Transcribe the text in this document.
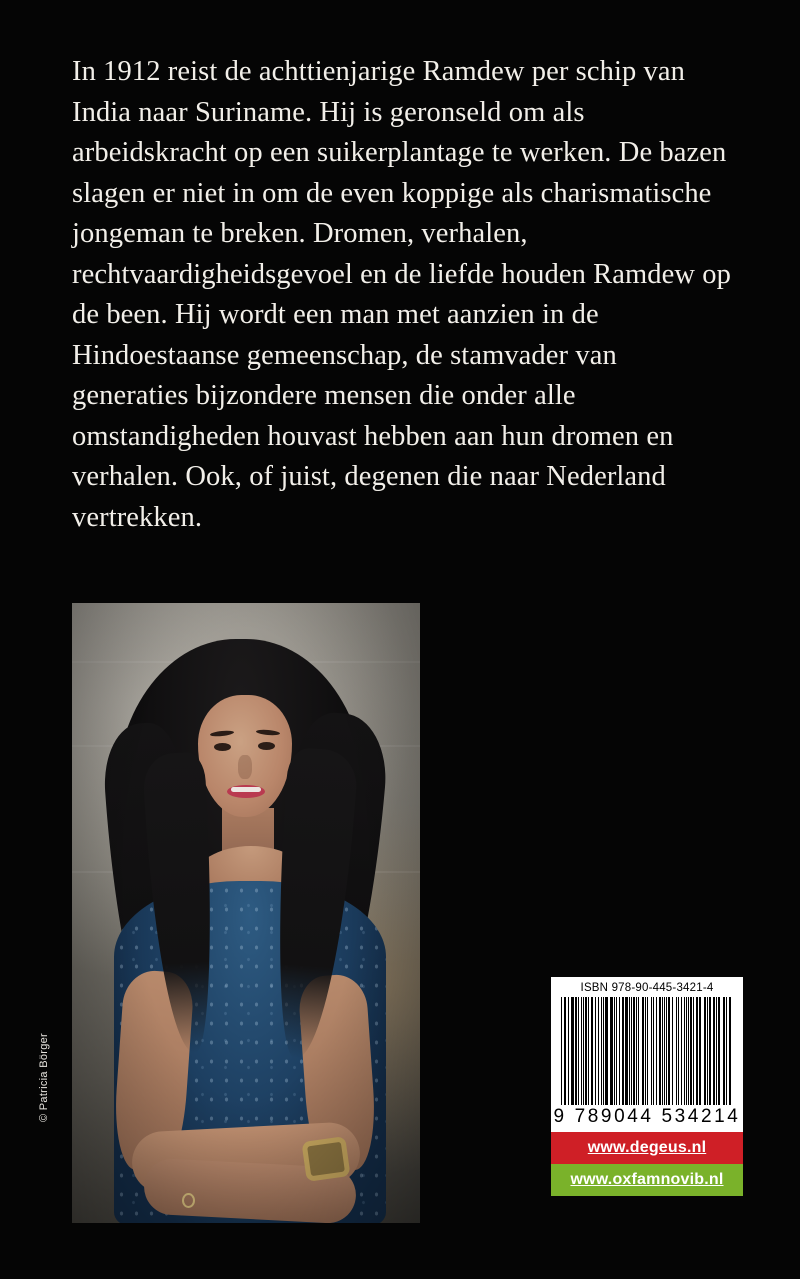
In 1912 reist de achttienjarige Ramdew per schip van India naar Suriname. Hij is geronseld om als arbeidskracht op een suikerplantage te werken. De bazen slagen er niet in om de even koppige als charismatische jongeman te breken. Dromen, verhalen, rechtvaardigheidsgevoel en de liefde houden Ramdew op de been. Hij wordt een man met aanzien in de Hindoestaanse gemeenschap, de stamvader van generaties bijzondere mensen die onder alle omstandigheden houvast hebben aan hun dromen en verhalen. Ook, of juist, degenen die naar Nederland vertrekken.
© Patricia Börger
ISBN 978-90-445-3421-4
9 789044 534214
www.degeus.nl
www.oxfamnovib.nl
